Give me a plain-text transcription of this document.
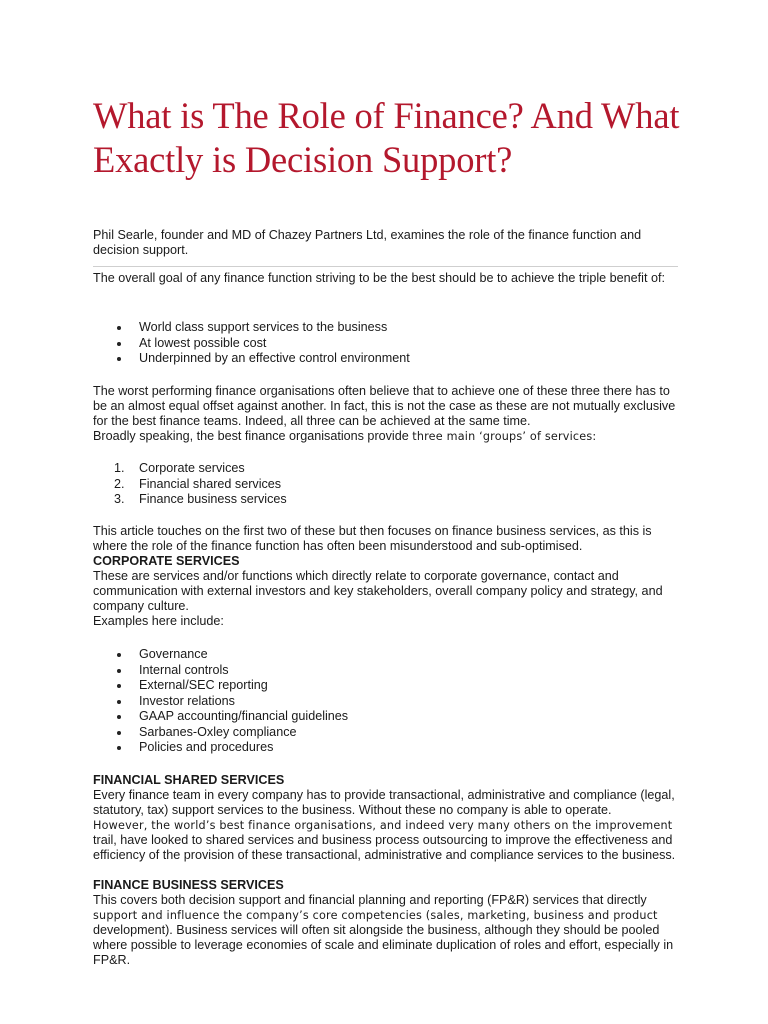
What is The Role of Finance? And What Exactly is Decision Support?

Phil Searle, founder and MD of Chazey Partners Ltd, examines the role of the finance function and decision support.

The overall goal of any finance function striving to be the best should be to achieve the triple benefit of:

World class support services to the business
At lowest possible cost
Underpinned by an effective control environment

The worst performing finance organisations often believe that to achieve one of these three there has to be an almost equal offset against another. In fact, this is not the case as these are not mutually exclusive for the best finance teams. Indeed, all three can be achieved at the same time.

Broadly speaking, the best finance organisations provide three main ‘groups’ of services:

1. Corporate services
2. Financial shared services
3. Finance business services

This article touches on the first two of these but then focuses on finance business services, as this is where the role of the finance function has often been misunderstood and sub-optimised.

CORPORATE SERVICES

These are services and/or functions which directly relate to corporate governance, contact and communication with external investors and key stakeholders, overall company policy and strategy, and company culture.

Examples here include:

Governance
Internal controls
External/SEC reporting
Investor relations
GAAP accounting/financial guidelines
Sarbanes-Oxley compliance
Policies and procedures

FINANCIAL SHARED SERVICES

Every finance team in every company has to provide transactional, administrative and compliance (legal, statutory, tax) support services to the business. Without these no company is able to operate.

However, the world’s best finance organisations, and indeed very many others on the improvement

trail, have looked to shared services and business process outsourcing to improve the effectiveness and efficiency of the provision of these transactional, administrative and compliance services to the business.

FINANCE BUSINESS SERVICES

This covers both decision support and financial planning and reporting (FP&R) services that directly

support and influence the company’s core competencies (sales, marketing, business and product

development). Business services will often sit alongside the business, although they should be pooled where possible to leverage economies of scale and eliminate duplication of roles and effort, especially in FP&R.
